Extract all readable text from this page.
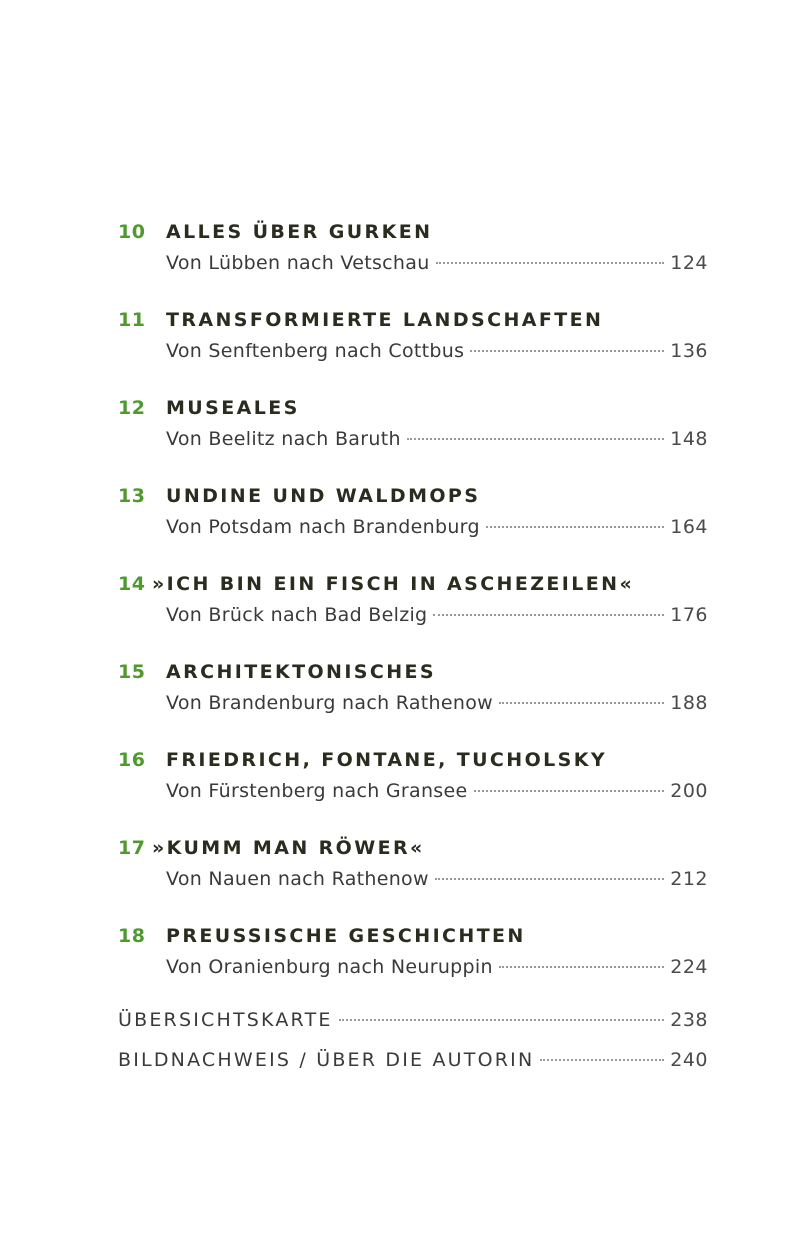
10	ALLES ÜBER GURKEN
Von Lübben nach Vetschau	124
11	TRANSFORMIERTE LANDSCHAFTEN
Von Senftenberg nach Cottbus	136
12	MUSEALES
Von Beelitz nach Baruth	148
13	UNDINE UND WALDMOPS
Von Potsdam nach Brandenburg	164
14 »ICH BIN EIN FISCH IN ASCHEZEILEN«
Von Brück nach Bad Belzig	176
15	ARCHITEKTONISCHES
Von Brandenburg nach Rathenow	188
16	FRIEDRICH, FONTANE, TUCHOLSKY
Von Fürstenberg nach Gransee	200
17 »KUMM MAN RÖWER«
Von Nauen nach Rathenow	212
18	PREUSSISCHE GESCHICHTEN
Von Oranienburg nach Neuruppin	224
ÜBERSICHTSKARTE	238
BILDNACHWEIS / ÜBER DIE AUTORIN	240
